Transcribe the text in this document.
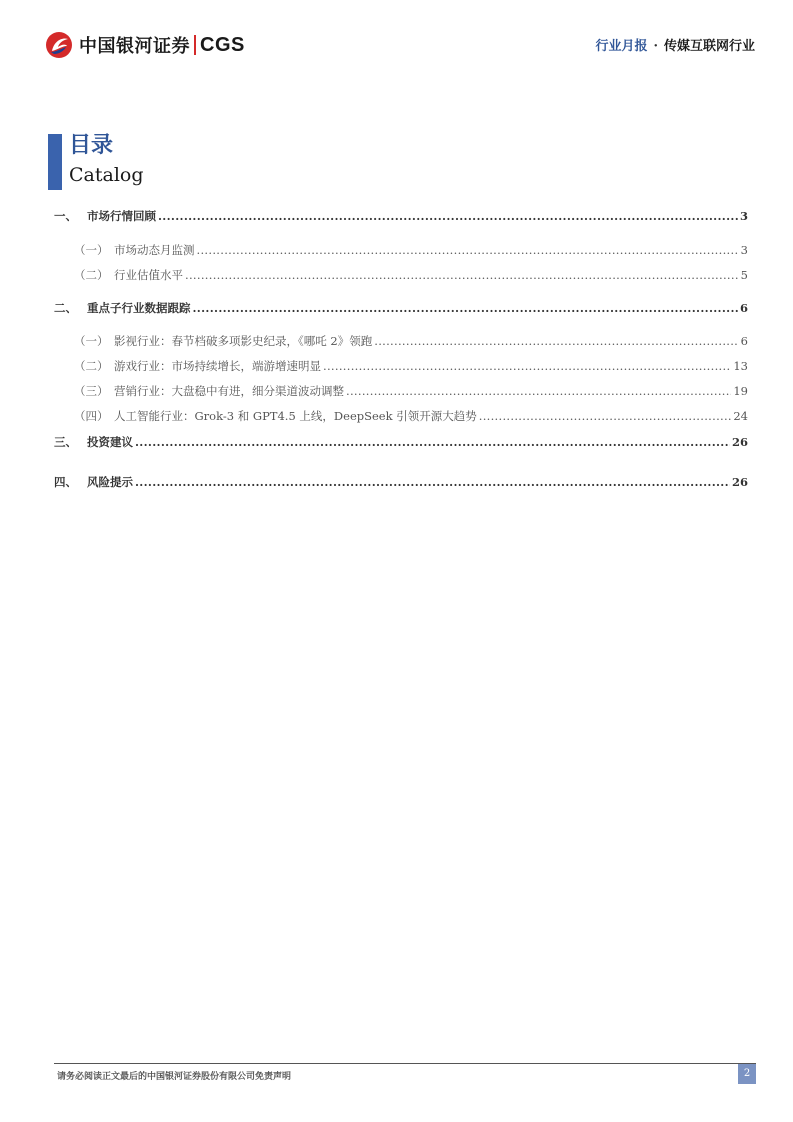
中国银河证券 CGS	行业月报 · 传媒互联网行业
目录
Catalog
一、 市场行情回顾 .....	3
（一） 市场动态月监测 .....	3
（二） 行业估值水平 .....	5
二、 重点子行业数据跟踪 .....	6
（一） 影视行业：春节档破多项影史纪录，《哪吒 2》领跑 .....	6
（二） 游戏行业：市场持续增长，端游增速明显 .....	13
（三） 营销行业：大盘稳中有进，细分渠道波动调整 .....	19
（四） 人工智能行业：Grok-3 和 GPT4.5 上线，DeepSeek 引领开源大趋势 .....	24
三、 投资建议 .....	26
四、 风险提示 .....	26
请务必阅读正文最后的中国银河证券股份有限公司免责声明	2
